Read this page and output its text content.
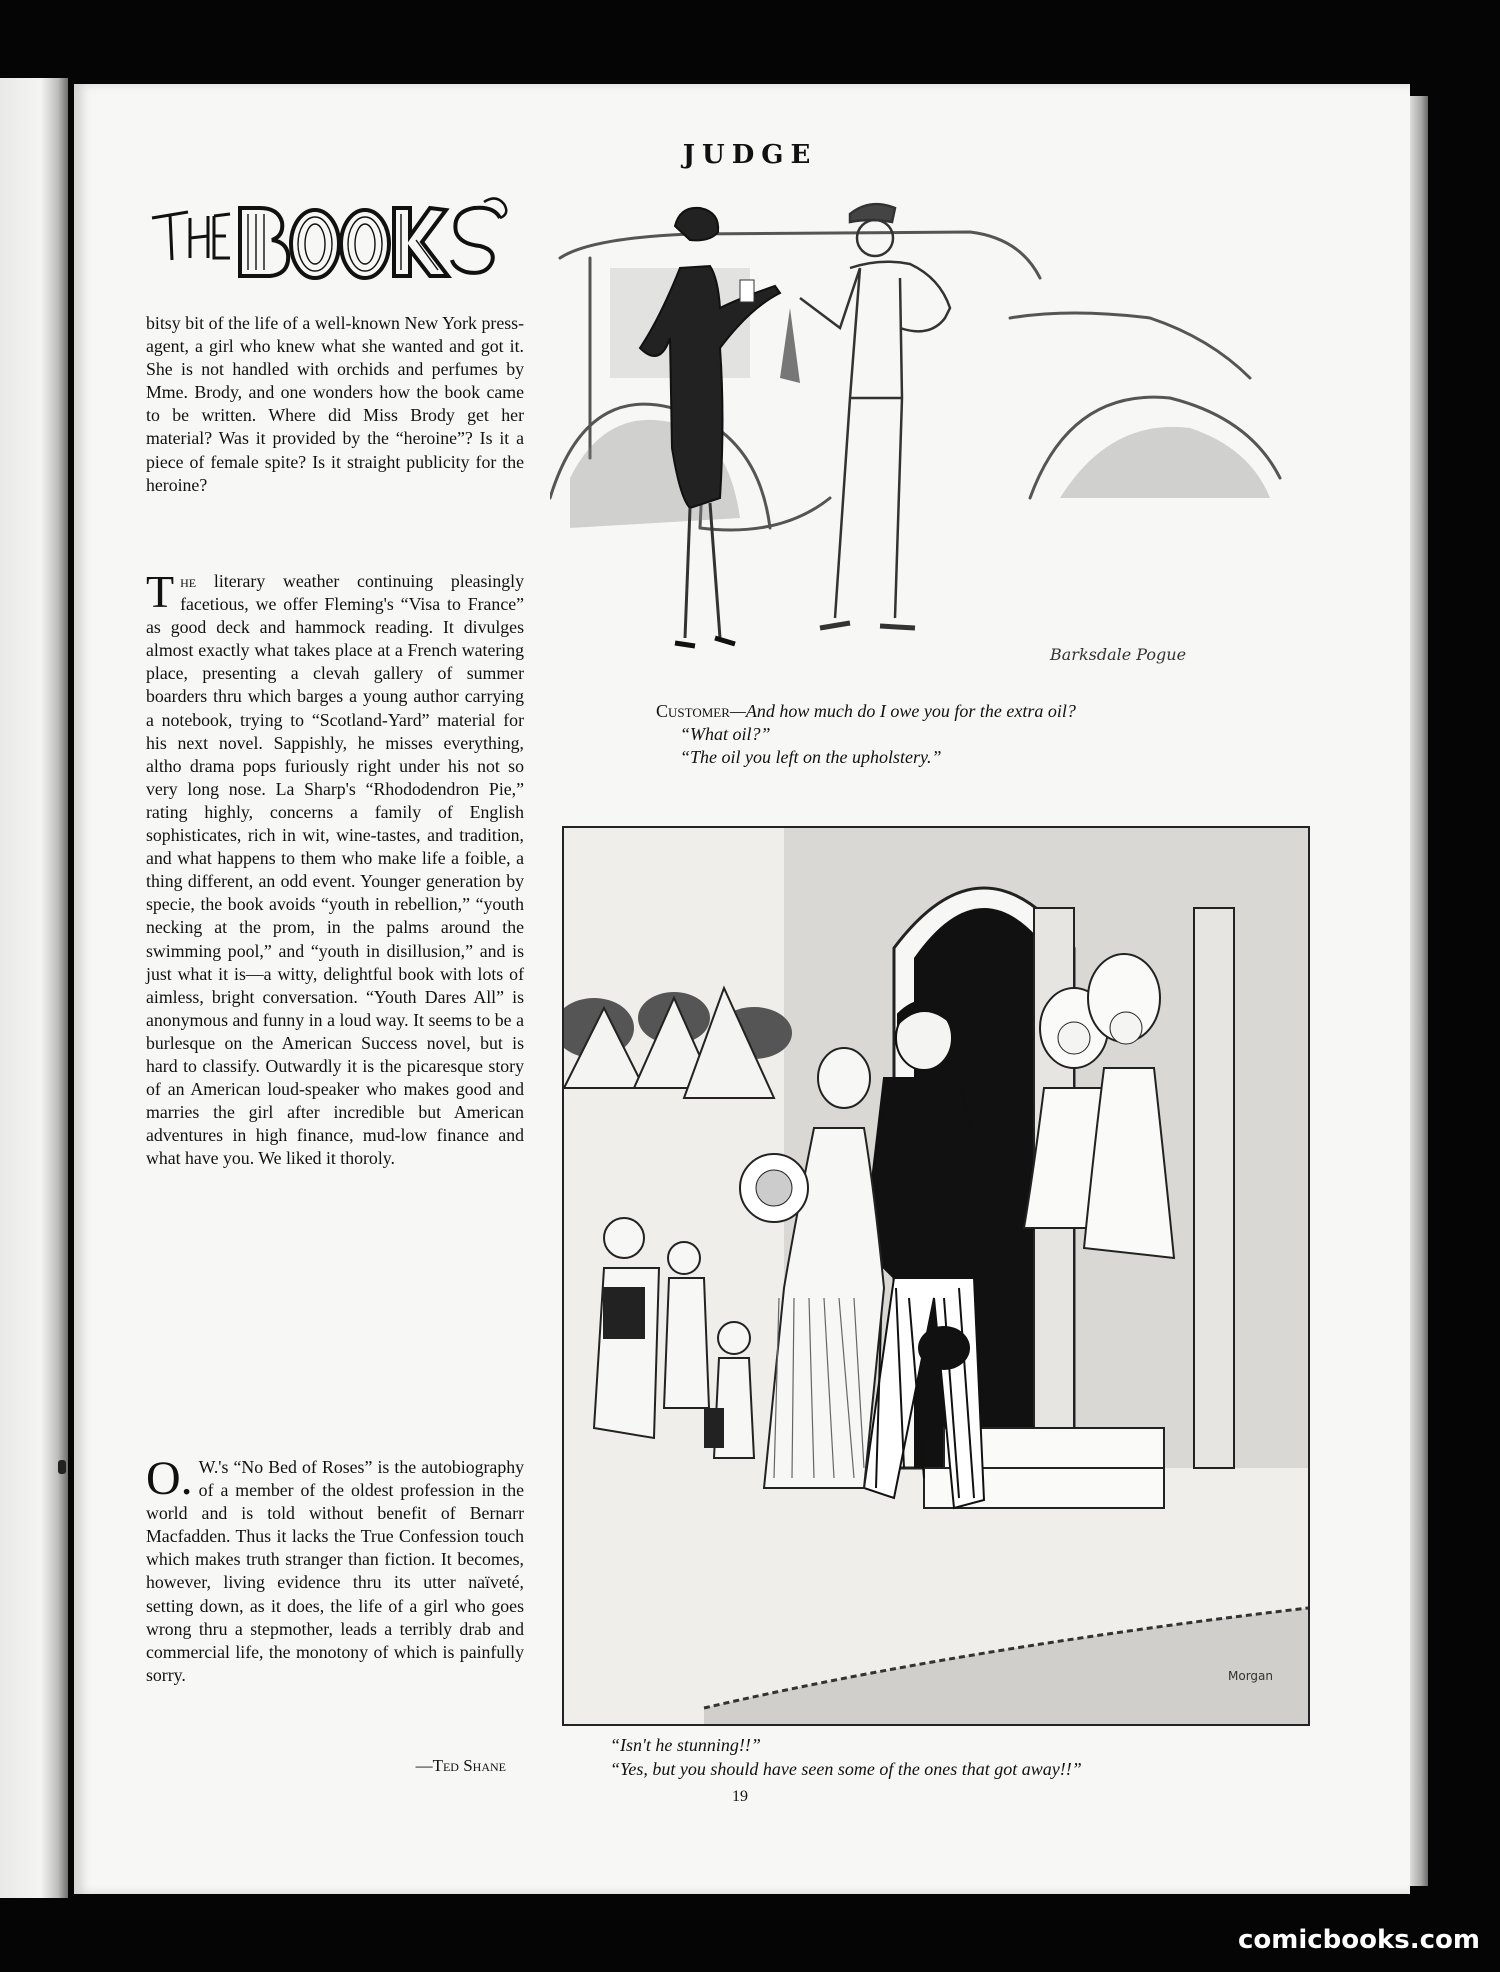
JUDGE

bitsy bit of the life of a well-known New York press-agent, a girl who knew what she wanted and got it. She is not handled with orchids and perfumes by Mme. Brody, and one wonders how the book came to be written. Where did Miss Brody get her material? Was it provided by the “heroine”? Is it a piece of female spite? Is it straight publicity for the heroine?

The literary weather continuing pleasingly facetious, we offer Fleming's “Visa to France” as good deck and hammock reading. It divulges almost exactly what takes place at a French watering place, presenting a clevah gallery of summer boarders thru which barges a young author carrying a notebook, trying to “Scotland-Yard” material for his next novel. Sappishly, he misses everything, altho drama pops furiously right under his not so very long nose. La Sharp's “Rhododendron Pie,” rating highly, concerns a family of English sophisticates, rich in wit, wine-tastes, and tradition, and what happens to them who make life a foible, a thing different, an odd event. Younger generation by specie, the book avoids “youth in rebellion,” “youth necking at the prom, in the palms around the swimming pool,” and “youth in disillusion,” and is just what it is—a witty, delightful book with lots of aimless, bright conversation. “Youth Dares All” is anonymous and funny in a loud way. It seems to be a burlesque on the American Success novel, but is hard to classify. Outwardly it is the picaresque story of an American loud-speaker who makes good and marries the girl after incredible but American adventures in high finance, mud-low finance and what have you. We liked it thoroly.
O. W.'s “No Bed of Roses” is the autobiography of a member of the oldest profession in the world and is told without benefit of Bernarr Macfadden. Thus it lacks the True Confession touch which makes truth stranger than fiction. It becomes, however, living evidence thru its utter naïveté, setting down, as it does, the life of a girl who goes wrong thru a stepmother, leads a terribly drab and commercial life, the monotony of which is painfully sorry.
—Ted Shane
Barksdale Pogue
Customer—And how much do I owe you for the extra oil?
“What oil?”
“The oil you left on the upholstery.”
Morgan
“Isn't he stunning!!”
“Yes, but you should have seen some of the ones that got away!!”
19
comicbooks.com
